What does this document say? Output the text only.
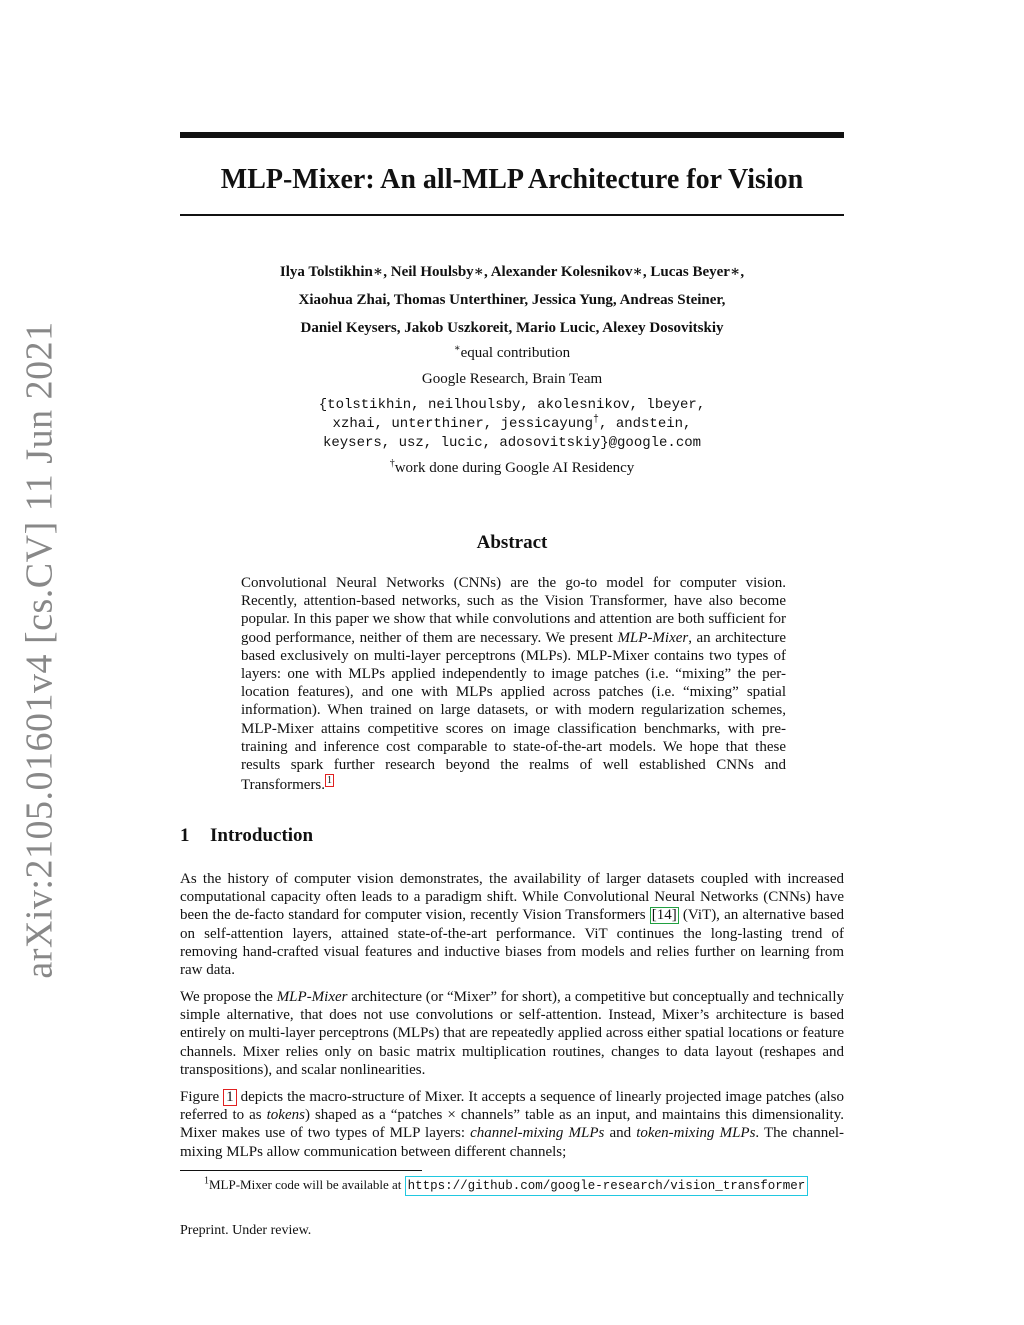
arXiv:2105.01601v4 [cs.CV] 11 Jun 2021
MLP-Mixer: An all-MLP Architecture for Vision
Ilya Tolstikhin∗, Neil Houlsby∗, Alexander Kolesnikov∗, Lucas Beyer∗,
Xiaohua Zhai, Thomas Unterthiner, Jessica Yung, Andreas Steiner,
Daniel Keysers, Jakob Uszkoreit, Mario Lucic, Alexey Dosovitskiy
∗equal contribution
Google Research, Brain Team
{tolstikhin, neilhoulsby, akolesnikov, lbeyer,
xzhai, unterthiner, jessicayung†, andstein,
keysers, usz, lucic, adosovitskiy}@google.com
†work done during Google AI Residency
Abstract

Convolutional Neural Networks (CNNs) are the go-to model for computer vision. Recently, attention-based networks, such as the Vision Transformer, have also become popular. In this paper we show that while convolutions and attention are both sufficient for good performance, neither of them are necessary. We present MLP-Mixer, an architecture based exclusively on multi-layer perceptrons (MLPs). MLP-Mixer contains two types of layers: one with MLPs applied independently to image patches (i.e. “mixing” the per-location features), and one with MLPs applied across patches (i.e. “mixing” spatial information). When trained on large datasets, or with modern regularization schemes, MLP-Mixer attains competitive scores on image classification benchmarks, with pre-training and inference cost comparable to state-of-the-art models. We hope that these results spark further research beyond the realms of well established CNNs and Transformers. 1

1 Introduction

As the history of computer vision demonstrates, the availability of larger datasets coupled with increased computational capacity often leads to a paradigm shift. While Convolutional Neural Networks (CNNs) have been the de-facto standard for computer vision, recently Vision Transformers [14] (ViT), an alternative based on self-attention layers, attained state-of-the-art performance. ViT continues the long-lasting trend of removing hand-crafted visual features and inductive biases from models and relies further on learning from raw data.

We propose the MLP-Mixer architecture (or “Mixer” for short), a competitive but conceptually and technically simple alternative, that does not use convolutions or self-attention. Instead, Mixer’s architecture is based entirely on multi-layer perceptrons (MLPs) that are repeatedly applied across either spatial locations or feature channels. Mixer relies only on basic matrix multiplication routines, changes to data layout (reshapes and transpositions), and scalar nonlinearities.

Figure 1 depicts the macro-structure of Mixer. It accepts a sequence of linearly projected image patches (also referred to as tokens) shaped as a “patches × channels” table as an input, and maintains this dimensionality. Mixer makes use of two types of MLP layers: channel-mixing MLPs and token-mixing MLPs. The channel-mixing MLPs allow communication between different channels;

$^1$MLP-Mixer code will be available at https://github.com/google-research/vision_transformer
Preprint. Under review.
